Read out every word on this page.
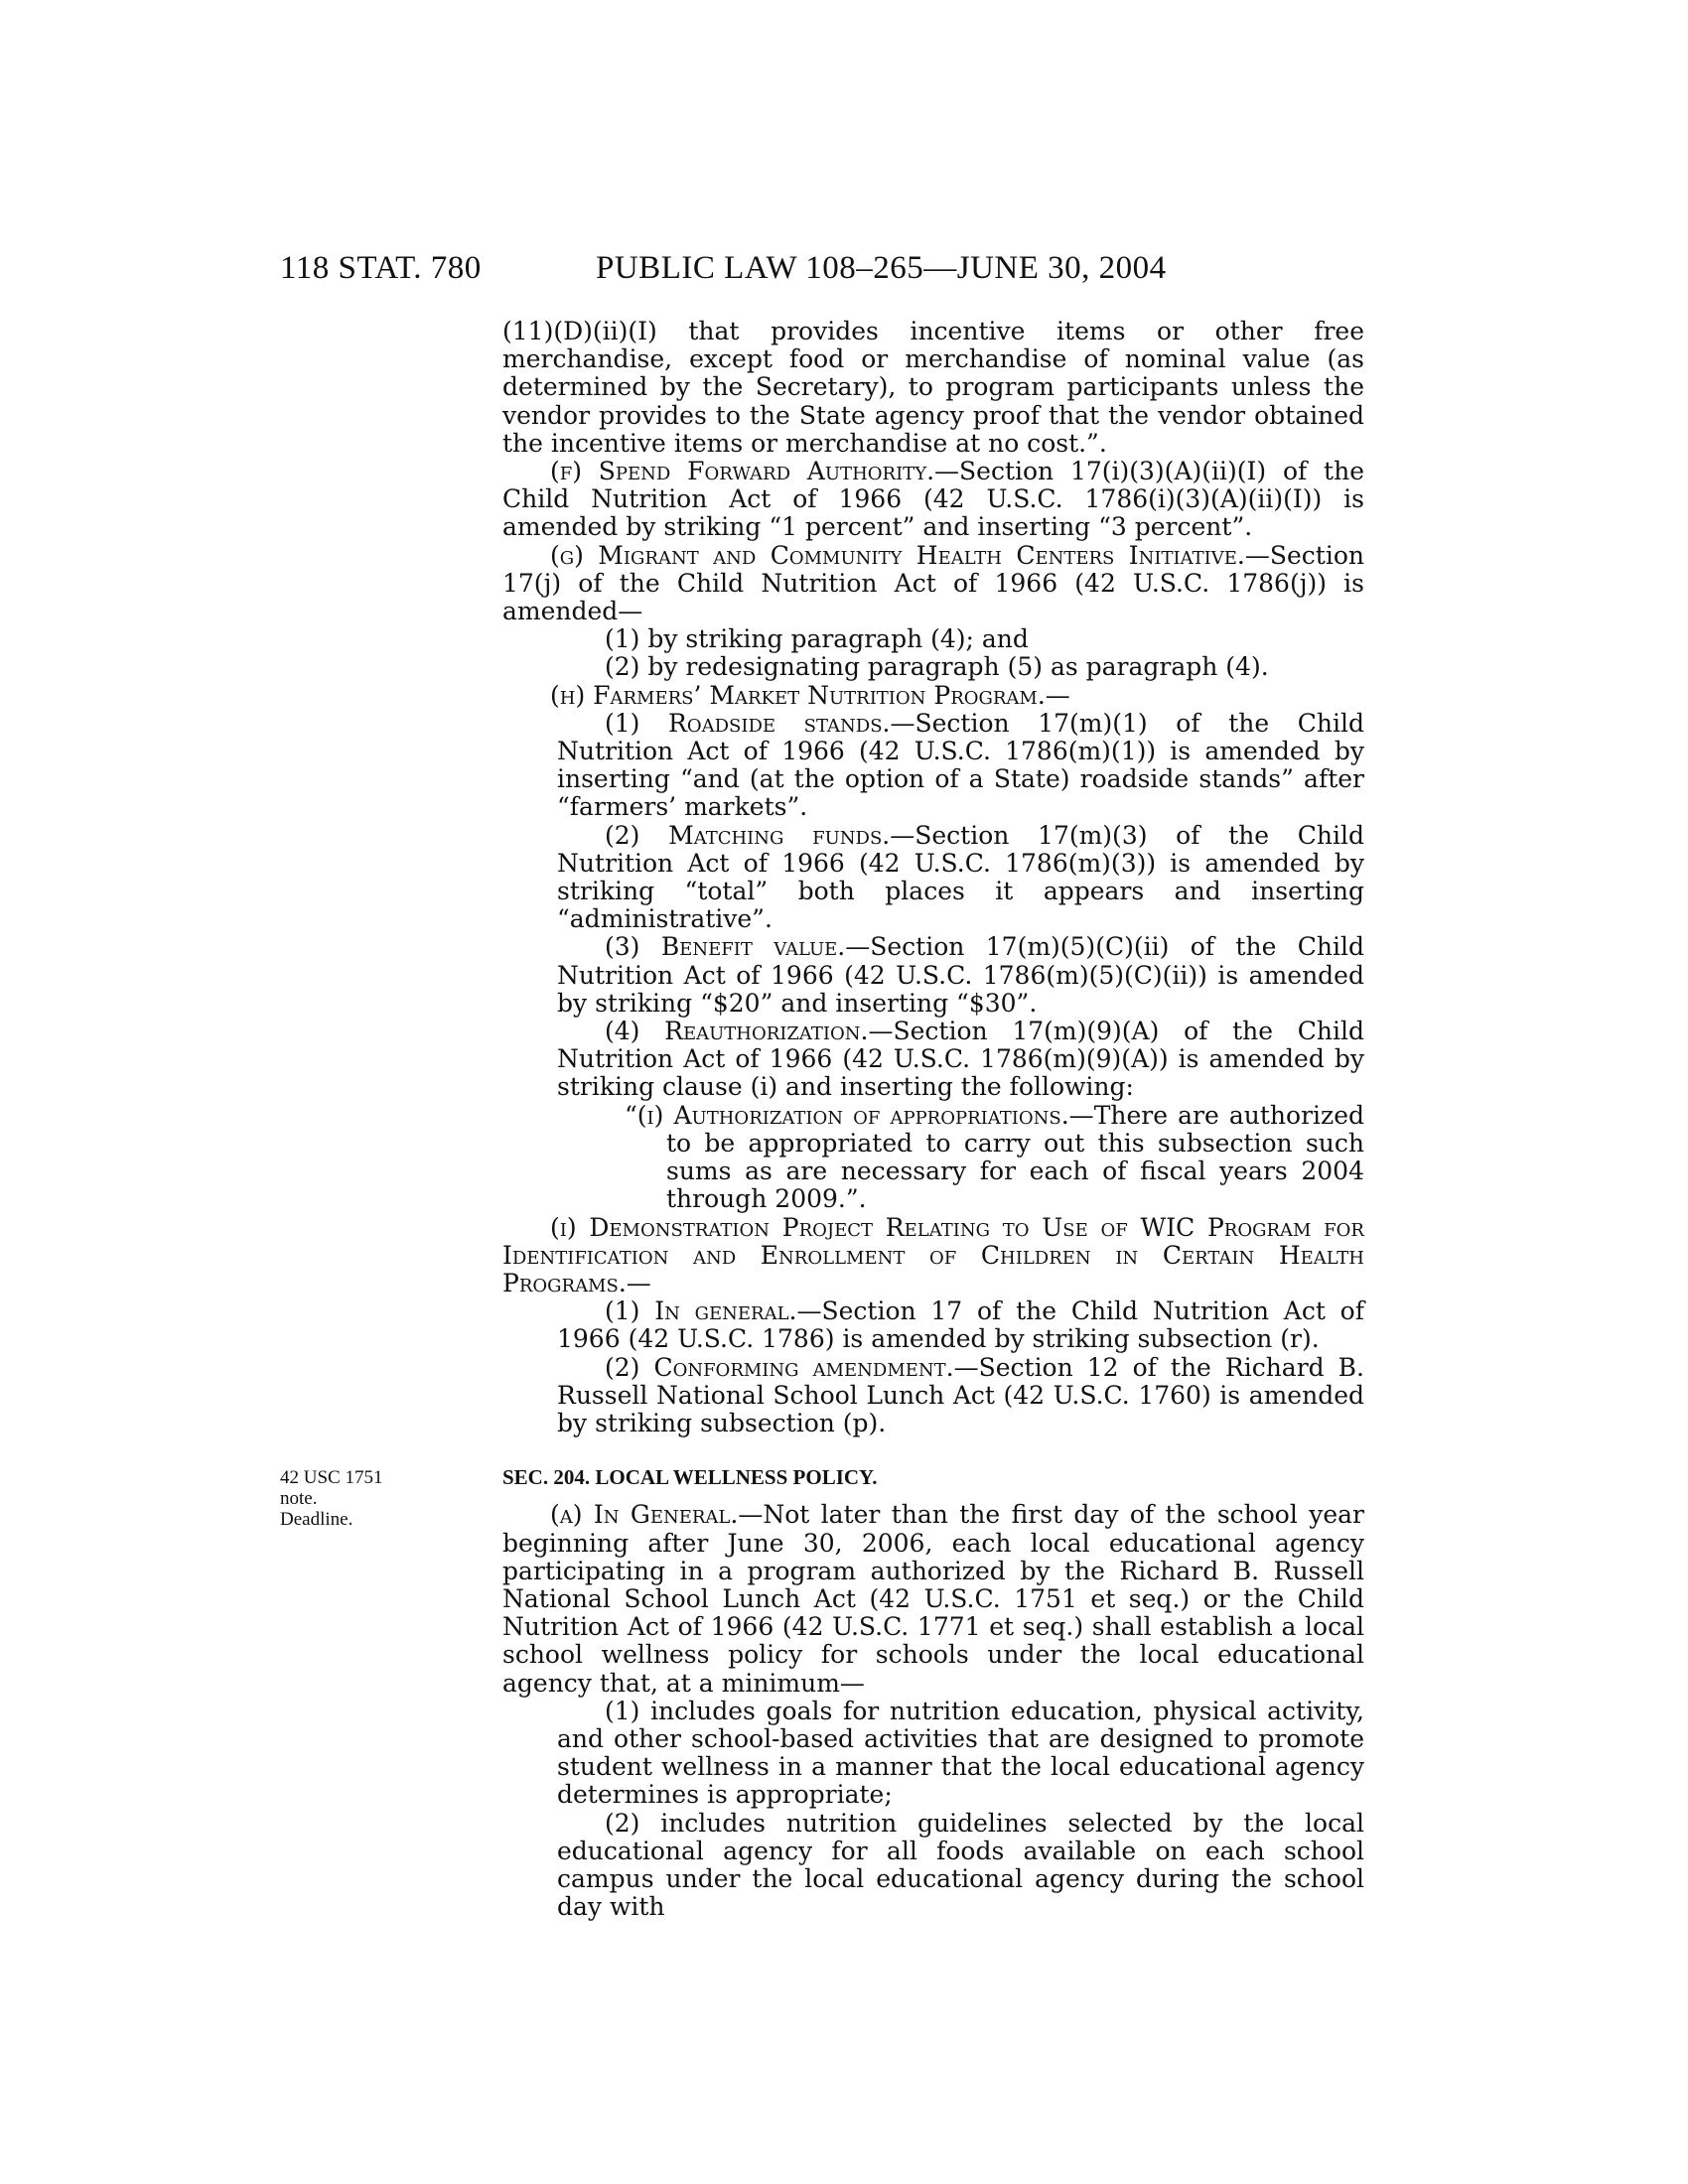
118 STAT. 780	PUBLIC LAW 108–265—JUNE 30, 2004
42 USC 1751
note.
Deadline.

(11)(D)(ii)(I) that provides incentive items or other free merchandise, except food or merchandise of nominal value (as determined by the Secretary), to program participants unless the vendor provides to the State agency proof that the vendor obtained the incentive items or merchandise at no cost.”.

(f) Spend Forward Authority.—Section 17(i)(3)(A)(ii)(I) of the Child Nutrition Act of 1966 (42 U.S.C. 1786(i)(3)(A)(ii)(I)) is amended by striking “1 percent” and inserting “3 percent”.

(g) Migrant and Community Health Centers Initiative.—Section 17(j) of the Child Nutrition Act of 1966 (42 U.S.C. 1786(j)) is amended—

(1) by striking paragraph (4); and

(2) by redesignating paragraph (5) as paragraph (4).

(h) Farmers’ Market Nutrition Program.—

(1) Roadside stands.—Section 17(m)(1) of the Child Nutrition Act of 1966 (42 U.S.C. 1786(m)(1)) is amended by inserting “and (at the option of a State) roadside stands” after “farmers’ markets”.

(2) Matching funds.—Section 17(m)(3) of the Child Nutrition Act of 1966 (42 U.S.C. 1786(m)(3)) is amended by striking “total” both places it appears and inserting “administrative”.

(3) Benefit value.—Section 17(m)(5)(C)(ii) of the Child Nutrition Act of 1966 (42 U.S.C. 1786(m)(5)(C)(ii)) is amended by striking “$20” and inserting “$30”.

(4) Reauthorization.—Section 17(m)(9)(A) of the Child Nutrition Act of 1966 (42 U.S.C. 1786(m)(9)(A)) is amended by striking clause (i) and inserting the following:

“(i) Authorization of appropriations.—There are authorized to be appropriated to carry out this subsection such sums as are necessary for each of fiscal years 2004 through 2009.”.

(i) Demonstration Project Relating to Use of WIC Program for Identification and Enrollment of Children in Certain Health Programs.—

(1) In general.—Section 17 of the Child Nutrition Act of 1966 (42 U.S.C. 1786) is amended by striking subsection (r).

(2) Conforming amendment.—Section 12 of the Richard B. Russell National School Lunch Act (42 U.S.C. 1760) is amended by striking subsection (p).

SEC. 204. LOCAL WELLNESS POLICY.

(a) In General.—Not later than the first day of the school year beginning after June 30, 2006, each local educational agency participating in a program authorized by the Richard B. Russell National School Lunch Act (42 U.S.C. 1751 et seq.) or the Child Nutrition Act of 1966 (42 U.S.C. 1771 et seq.) shall establish a local school wellness policy for schools under the local educational agency that, at a minimum—

(1) includes goals for nutrition education, physical activity, and other school-based activities that are designed to promote student wellness in a manner that the local educational agency determines is appropriate;

(2) includes nutrition guidelines selected by the local educational agency for all foods available on each school campus under the local educational agency during the school day with
